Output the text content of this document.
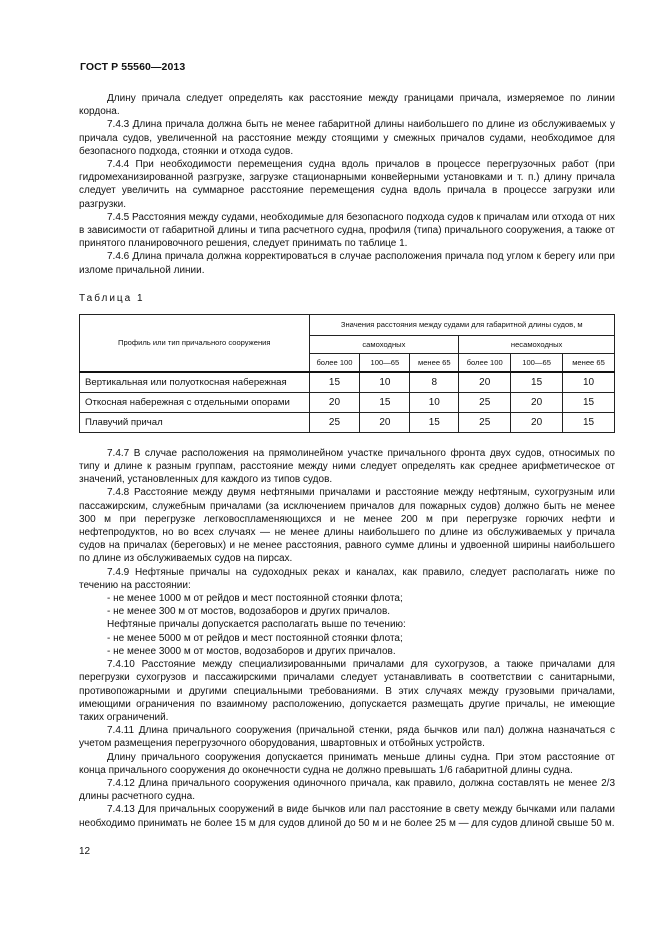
ГОСТ Р 55560—2013

Длину причала следует определять как расстояние между границами причала, измеряемое по линии кордона.

7.4.3 Длина причала должна быть не менее габаритной длины наибольшего по длине из обслуживаемых у причала судов, увеличенной на расстояние между стоящими у смежных причалов судами, необходимое для безопасного подхода, стоянки и отхода судов.

7.4.4 При необходимости перемещения судна вдоль причалов в процессе перегрузочных работ (при гидромеханизированной разгрузке, загрузке стационарными конвейерными установками и т. п.) длину причала следует увеличить на суммарное расстояние перемещения судна вдоль причала в процессе загрузки или разгрузки.

7.4.5 Расстояния между судами, необходимые для безопасного подхода судов к причалам или отхода от них в зависимости от габаритной длины и типа расчетного судна, профиля (типа) причального сооружения, а также от принятого планировочного решения, следует принимать по таблице 1.

7.4.6 Длина причала должна корректироваться в случае расположения причала под углом к берегу или при изломе причальной линии.

Таблица 1
Профиль или тип причального сооружения	Значения расстояния между судами для габаритной длины судов, м					
	самоходных			несамоходных		
	более 100	100—65	менее 65	более 100	100—65	менее 65
Вертикальная или полуоткосная набережная	15	10	8	20	15	10
Откосная набережная с отдельными опорами	20	15	10	25	20	15
Плавучий причал	25	20	15	25	20	15

7.4.7 В случае расположения на прямолинейном участке причального фронта двух судов, относимых по типу и длине к разным группам, расстояние между ними следует определять как среднее арифметическое от значений, установленных для каждого из типов судов.

7.4.8 Расстояние между двумя нефтяными причалами и расстояние между нефтяным, сухогрузным или пассажирским, служебным причалами (за исключением причалов для пожарных судов) должно быть не менее 300 м при перегрузке легковоспламеняющихся и не менее 200 м при перегрузке горючих нефти и нефтепродуктов, но во всех случаях — не менее длины наибольшего по длине из обслуживаемых у причала судов на причалах (береговых) и не менее расстояния, равного сумме длины и удвоенной ширины наибольшего по длине из обслуживаемых судов на пирсах.

7.4.9 Нефтяные причалы на судоходных реках и каналах, как правило, следует располагать ниже по течению на расстоянии:

- не менее 1000 м от рейдов и мест постоянной стоянки флота;

- не менее 300 м от мостов, водозаборов и других причалов.

Нефтяные причалы допускается располагать выше по течению:

- не менее 5000 м от рейдов и мест постоянной стоянки флота;

- не менее 3000 м от мостов, водозаборов и других причалов.

7.4.10 Расстояние между специализированными причалами для сухогрузов, а также причалами для перегрузки сухогрузов и пассажирскими причалами следует устанавливать в соответствии с санитарными, противопожарными и другими специальными требованиями. В этих случаях между грузовыми причалами, имеющими ограничения по взаимному расположению, допускается размещать другие причалы, не имеющие таких ограничений.

7.4.11 Длина причального сооружения (причальной стенки, ряда бычков или пал) должна назначаться с учетом размещения перегрузочного оборудования, швартовных и отбойных устройств.

Длину причального сооружения допускается принимать меньше длины судна. При этом расстояние от конца причального сооружения до оконечности судна не должно превышать 1/6 габаритной длины судна.

7.4.12 Длина причального сооружения одиночного причала, как правило, должна составлять не менее 2/3 длины расчетного судна.

7.4.13 Для причальных сооружений в виде бычков или пал расстояние в свету между бычками или палами необходимо принимать не более 15 м для судов длиной до 50 м и не более 25 м — для судов длиной свыше 50 м.

12
